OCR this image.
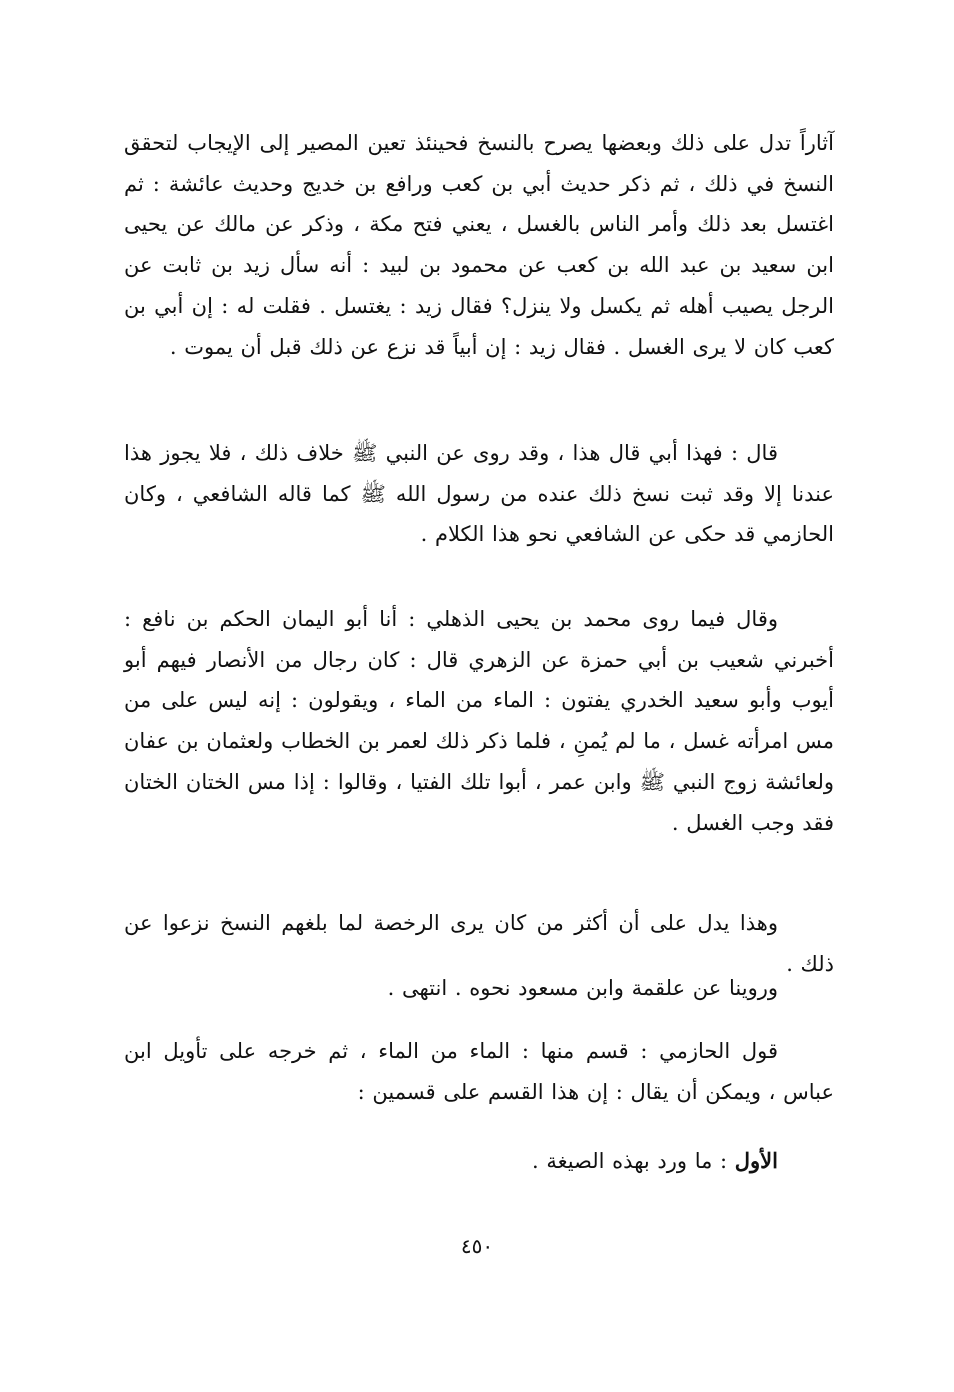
آثاراً تدل على ذلك وبعضها يصرح بالنسخ فحينئذ تعين المصير إلى الإيجاب لتحقق النسخ في ذلك ، ثم ذكر حديث أبي بن كعب ورافع بن خديج وحديث عائشة : ثم اغتسل بعد ذلك وأمر الناس بالغسل ، يعني فتح مكة ، وذكر عن مالك عن يحيى ابن سعيد بن عبد الله بن كعب عن محمود بن لبيد : أنه سأل زيد بن ثابت عن الرجل يصيب أهله ثم يكسل ولا ينزل؟ فقال زيد : يغتسل . فقلت له : إن أبي بن كعب كان لا يرى الغسل . فقال زيد : إن أبياً قد نزع عن ذلك قبل أن يموت .

قال : فهذا أبي قال هذا ، وقد روى عن النبي ﷺ خلاف ذلك ، فلا يجوز هذا عندنا إلا وقد ثبت نسخ ذلك عنده من رسول الله ﷺ كما قاله الشافعي ، وكان الحازمي قد حكى عن الشافعي نحو هذا الكلام .

وقال فيما روى محمد بن يحيى الذهلي : أنا أبو اليمان الحكم بن نافع : أخبرني شعيب بن أبي حمزة عن الزهري قال : كان رجال من الأنصار فيهم أبو أيوب وأبو سعيد الخدري يفتون : الماء من الماء ، ويقولون : إنه ليس على من مس امرأته غسل ، ما لم يُمنِ ، فلما ذكر ذلك لعمر بن الخطاب ولعثمان بن عفان ولعائشة زوج النبي ﷺ وابن عمر ، أبوا تلك الفتيا ، وقالوا : إذا مس الختان الختان فقد وجب الغسل .

وهذا يدل على أن أكثر من كان يرى الرخصة لما بلغهم النسخ نزعوا عن ذلك .

وروينا عن علقمة وابن مسعود نحوه . انتهى .

قول الحازمي : قسم منها : الماء من الماء ، ثم خرجه على تأويل ابن عباس ، ويمكن أن يقال : إن هذا القسم على قسمين :

الأول : ما ورد بهذه الصيغة .

٤٥٠
